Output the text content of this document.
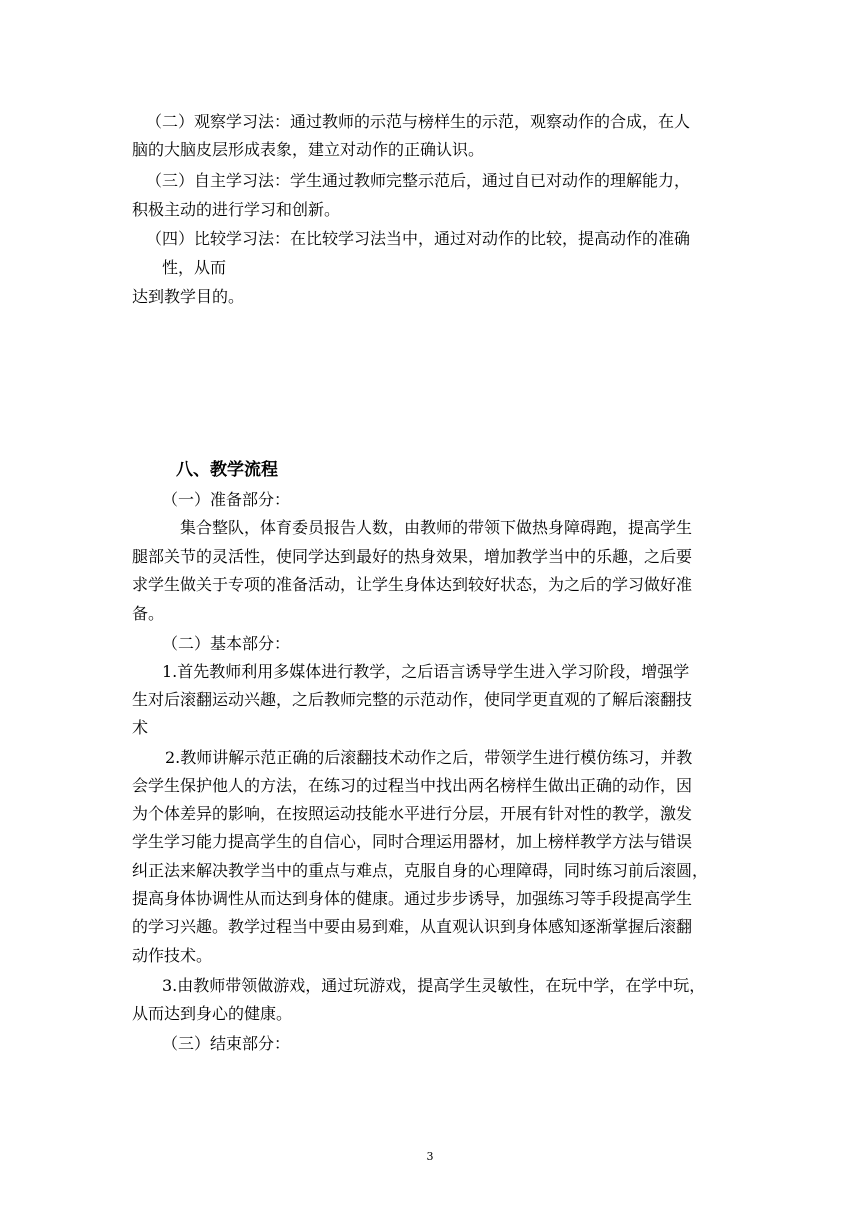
（二）观察学习法：通过教师的示范与榜样生的示范，观察动作的合成，在人
脑的大脑皮层形成表象，建立对动作的正确认识。
（三）自主学习法：学生通过教师完整示范后，通过自已对动作的理解能力，
积极主动的进行学习和创新。
（四）比较学习法：在比较学习法当中，通过对动作的比较，提高动作的准确
性，从而
达到教学目的。
八、教学流程
（一）准备部分：
集合整队，体育委员报告人数，由教师的带领下做热身障碍跑，提高学生
腿部关节的灵活性，使同学达到最好的热身效果，增加教学当中的乐趣，之后要
求学生做关于专项的准备活动，让学生身体达到较好状态，为之后的学习做好准
备。
（二）基本部分：
1.首先教师利用多媒体进行教学，之后语言诱导学生进入学习阶段，增强学
生对后滚翻运动兴趣，之后教师完整的示范动作，使同学更直观的了解后滚翻技
术
2.教师讲解示范正确的后滚翻技术动作之后，带领学生进行模仿练习，并教
会学生保护他人的方法，在练习的过程当中找出两名榜样生做出正确的动作，因
为个体差异的影响，在按照运动技能水平进行分层，开展有针对性的教学，激发
学生学习能力提高学生的自信心，同时合理运用器材，加上榜样教学方法与错误
纠正法来解决教学当中的重点与难点，克服自身的心理障碍，同时练习前后滚圆，
提高身体协调性从而达到身体的健康。通过步步诱导，加强练习等手段提高学生
的学习兴趣。教学过程当中要由易到难，从直观认识到身体感知逐渐掌握后滚翻
动作技术。
3.由教师带领做游戏，通过玩游戏，提高学生灵敏性，在玩中学，在学中玩，
从而达到身心的健康。
（三）结束部分：
3
